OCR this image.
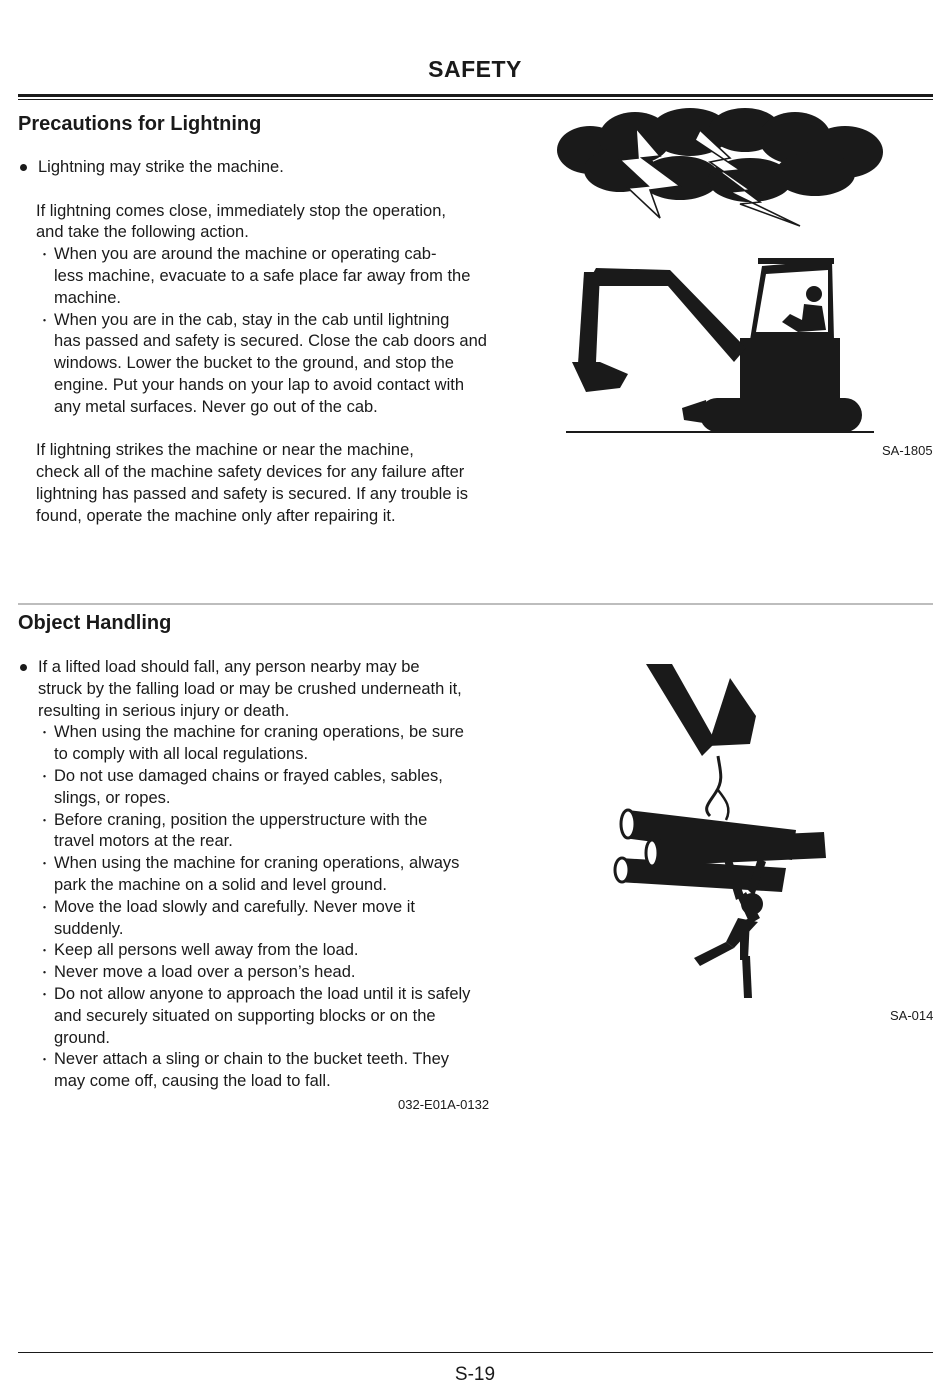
SAFETY
Precautions for Lightning
Lightning may strike the machine.
If lightning comes close, immediately stop the operation,
and take the following action.
・ When you are around the machine or operating cab-
less machine, evacuate to a safe place far away from the
machine.
・ When you are in the cab, stay in the cab until lightning
has passed and safety is secured. Close the cab doors and
windows. Lower the bucket to the ground, and stop the
engine. Put your hands on your lap to avoid contact with
any metal surfaces. Never go out of the cab.
If lightning strikes the machine or near the machine,
check all of the machine safety devices for any failure after
lightning has passed and safety is secured. If any trouble is
found, operate the machine only after repairing it.
SA-1805
Object Handling
If a lifted load should fall, any person nearby may be
struck by the falling load or may be crushed underneath it,
resulting in serious injury or death.
・ When using the machine for craning operations, be sure
to comply with all local regulations.
・ Do not use damaged chains or frayed cables, sables,
slings, or ropes.
・ Before craning, position the upperstructure with the
travel motors at the rear.
・ When using the machine for craning operations, always
park the machine on a solid and level ground.
・ Move the load slowly and carefully. Never move it
suddenly.
・ Keep all persons well away from the load.
・ Never move a load over a person’s head.
・ Do not allow anyone to approach the load until it is safely
and securely situated on supporting blocks or on the
ground.
・ Never attach a sling or chain to the bucket teeth. They
may come off, causing the load to fall.
032-E01A-0132
SA-014
S-19
